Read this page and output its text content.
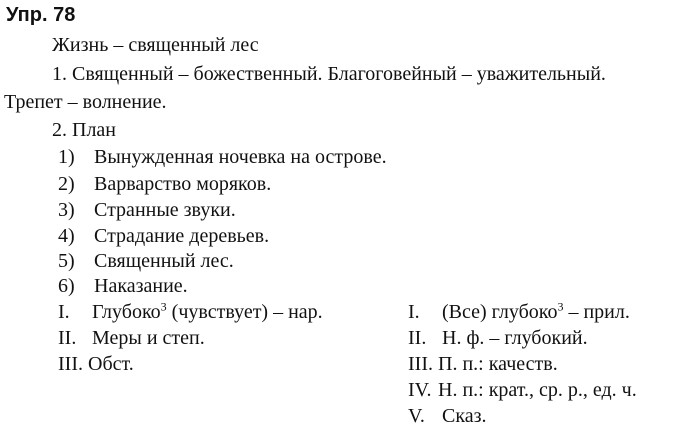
Упр. 78
Жизнь – священный лес
1. Священный – божественный. Благоговейный – уважительный.
Трепет – волнение.
2. План
1) Вынужденная ночевка на острове.
2) Варварство моряков.
3) Странные звуки.
4) Страдание деревьев.
5) Священный лес.
6) Наказание.
I. Глубоко$^3$ (чувствует) – нар.
II. Меры и степ.
III. Обст.
I. (Все) глубоко$^3$ – прил.
II. Н. ф. – глубокий.
III. П. п.: качеств.
IV. Н. п.: крат., ср. р., ед. ч.
V. Сказ.
